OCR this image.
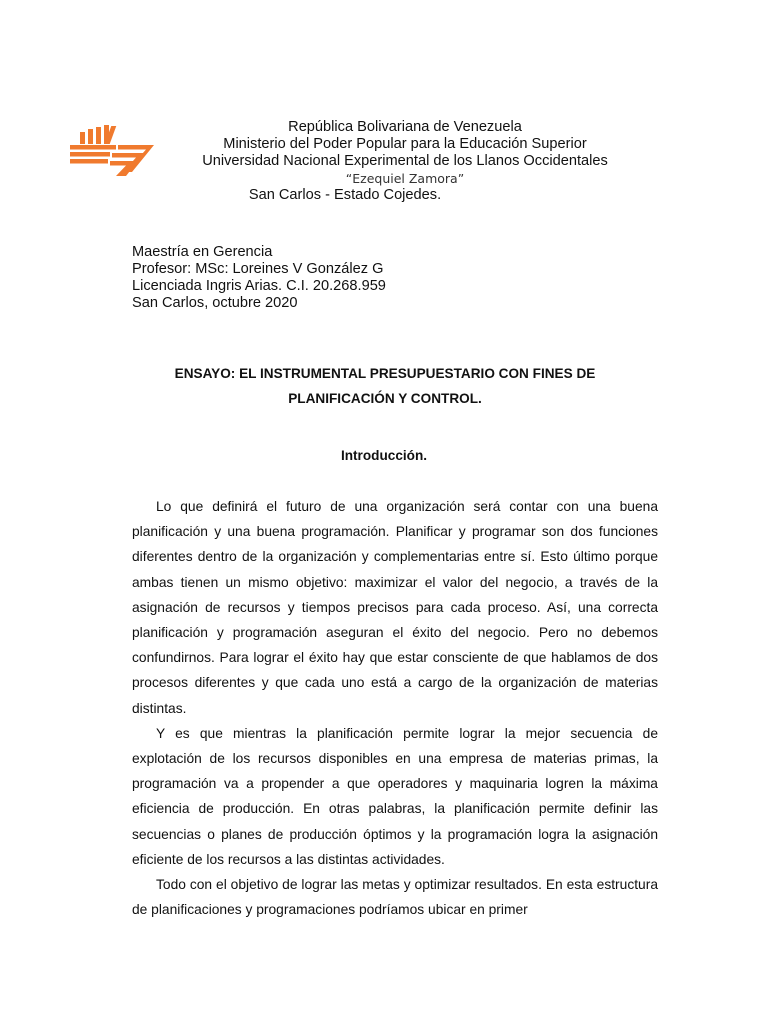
República Bolivariana de Venezuela
Ministerio del Poder Popular para la Educación Superior
Universidad Nacional Experimental de los Llanos Occidentales
“Ezequiel Zamora”
San Carlos - Estado Cojedes.
Maestría en Gerencia
Profesor: MSc: Loreines V González G
Licenciada Ingris Arias. C.I. 20.268.959
San Carlos, octubre 2020
ENSAYO: EL INSTRUMENTAL PRESUPUESTARIO CON FINES DE
PLANIFICACIÓN Y CONTROL.
Introducción.

Lo que definirá el futuro de una organización será contar con una buena planificación y una buena programación. Planificar y programar son dos funciones diferentes dentro de la organización y complementarias entre sí. Esto último porque ambas tienen un mismo objetivo: maximizar el valor del negocio, a través de la asignación de recursos y tiempos precisos para cada proceso. Así, una correcta planificación y programación aseguran el éxito del negocio. Pero no debemos confundirnos. Para lograr el éxito hay que estar consciente de que hablamos de dos procesos diferentes y que cada uno está a cargo de la organización de materias distintas.

Y es que mientras la planificación permite lograr la mejor secuencia de explotación de los recursos disponibles en una empresa de materias primas, la programación va a propender a que operadores y maquinaria logren la máxima eficiencia de producción. En otras palabras, la planificación permite definir las secuencias o planes de producción óptimos y la programación logra la asignación eficiente de los recursos a las distintas actividades.

Todo con el objetivo de lograr las metas y optimizar resultados. En esta estructura de planificaciones y programaciones podríamos ubicar en primer
